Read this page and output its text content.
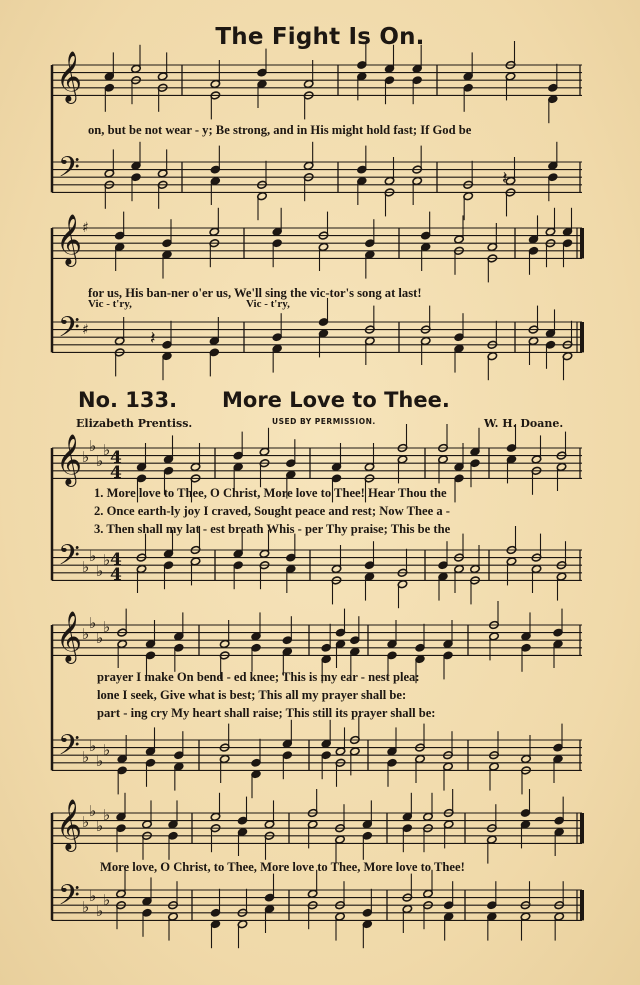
𝄞
𝄢	𝄽
𝄞
𝄢
♯
♯	𝄽
𝄞
𝄢
♭
♭
♭
♭
♭
♭
♭
♭
4
4
4
4
𝄞
𝄢
♭
♭
♭
♭
♭
♭
♭
♭
𝄞
𝄢
♭
♭
♭
♭
♭
♭
♭
♭
The Fight Is On.
on, but be not wear - y; Be strong, and in His might hold fast; If God be
for us, His ban-ner o'er us, We'll sing the vic-tor's song at last!
Vic - t'ry,	Vic - t'ry,
No. 133. More Love to Thee.
Elizabeth Prentiss.	USED BY PERMISSION.	W. H. Doane.
1. More love to Thee, O Christ, More love to Thee! Hear Thou the
2. Once earth-ly joy I craved, Sought peace and rest; Now Thee a -
3. Then shall my lat - est breath Whis - per Thy praise; This be the
prayer I make On bend - ed knee; This is my ear - nest plea:
lone I seek, Give what is best; This all my prayer shall be:
part - ing cry My heart shall raise; This still its prayer shall be:
More love, O Christ, to Thee, More love to Thee, More love to Thee!
